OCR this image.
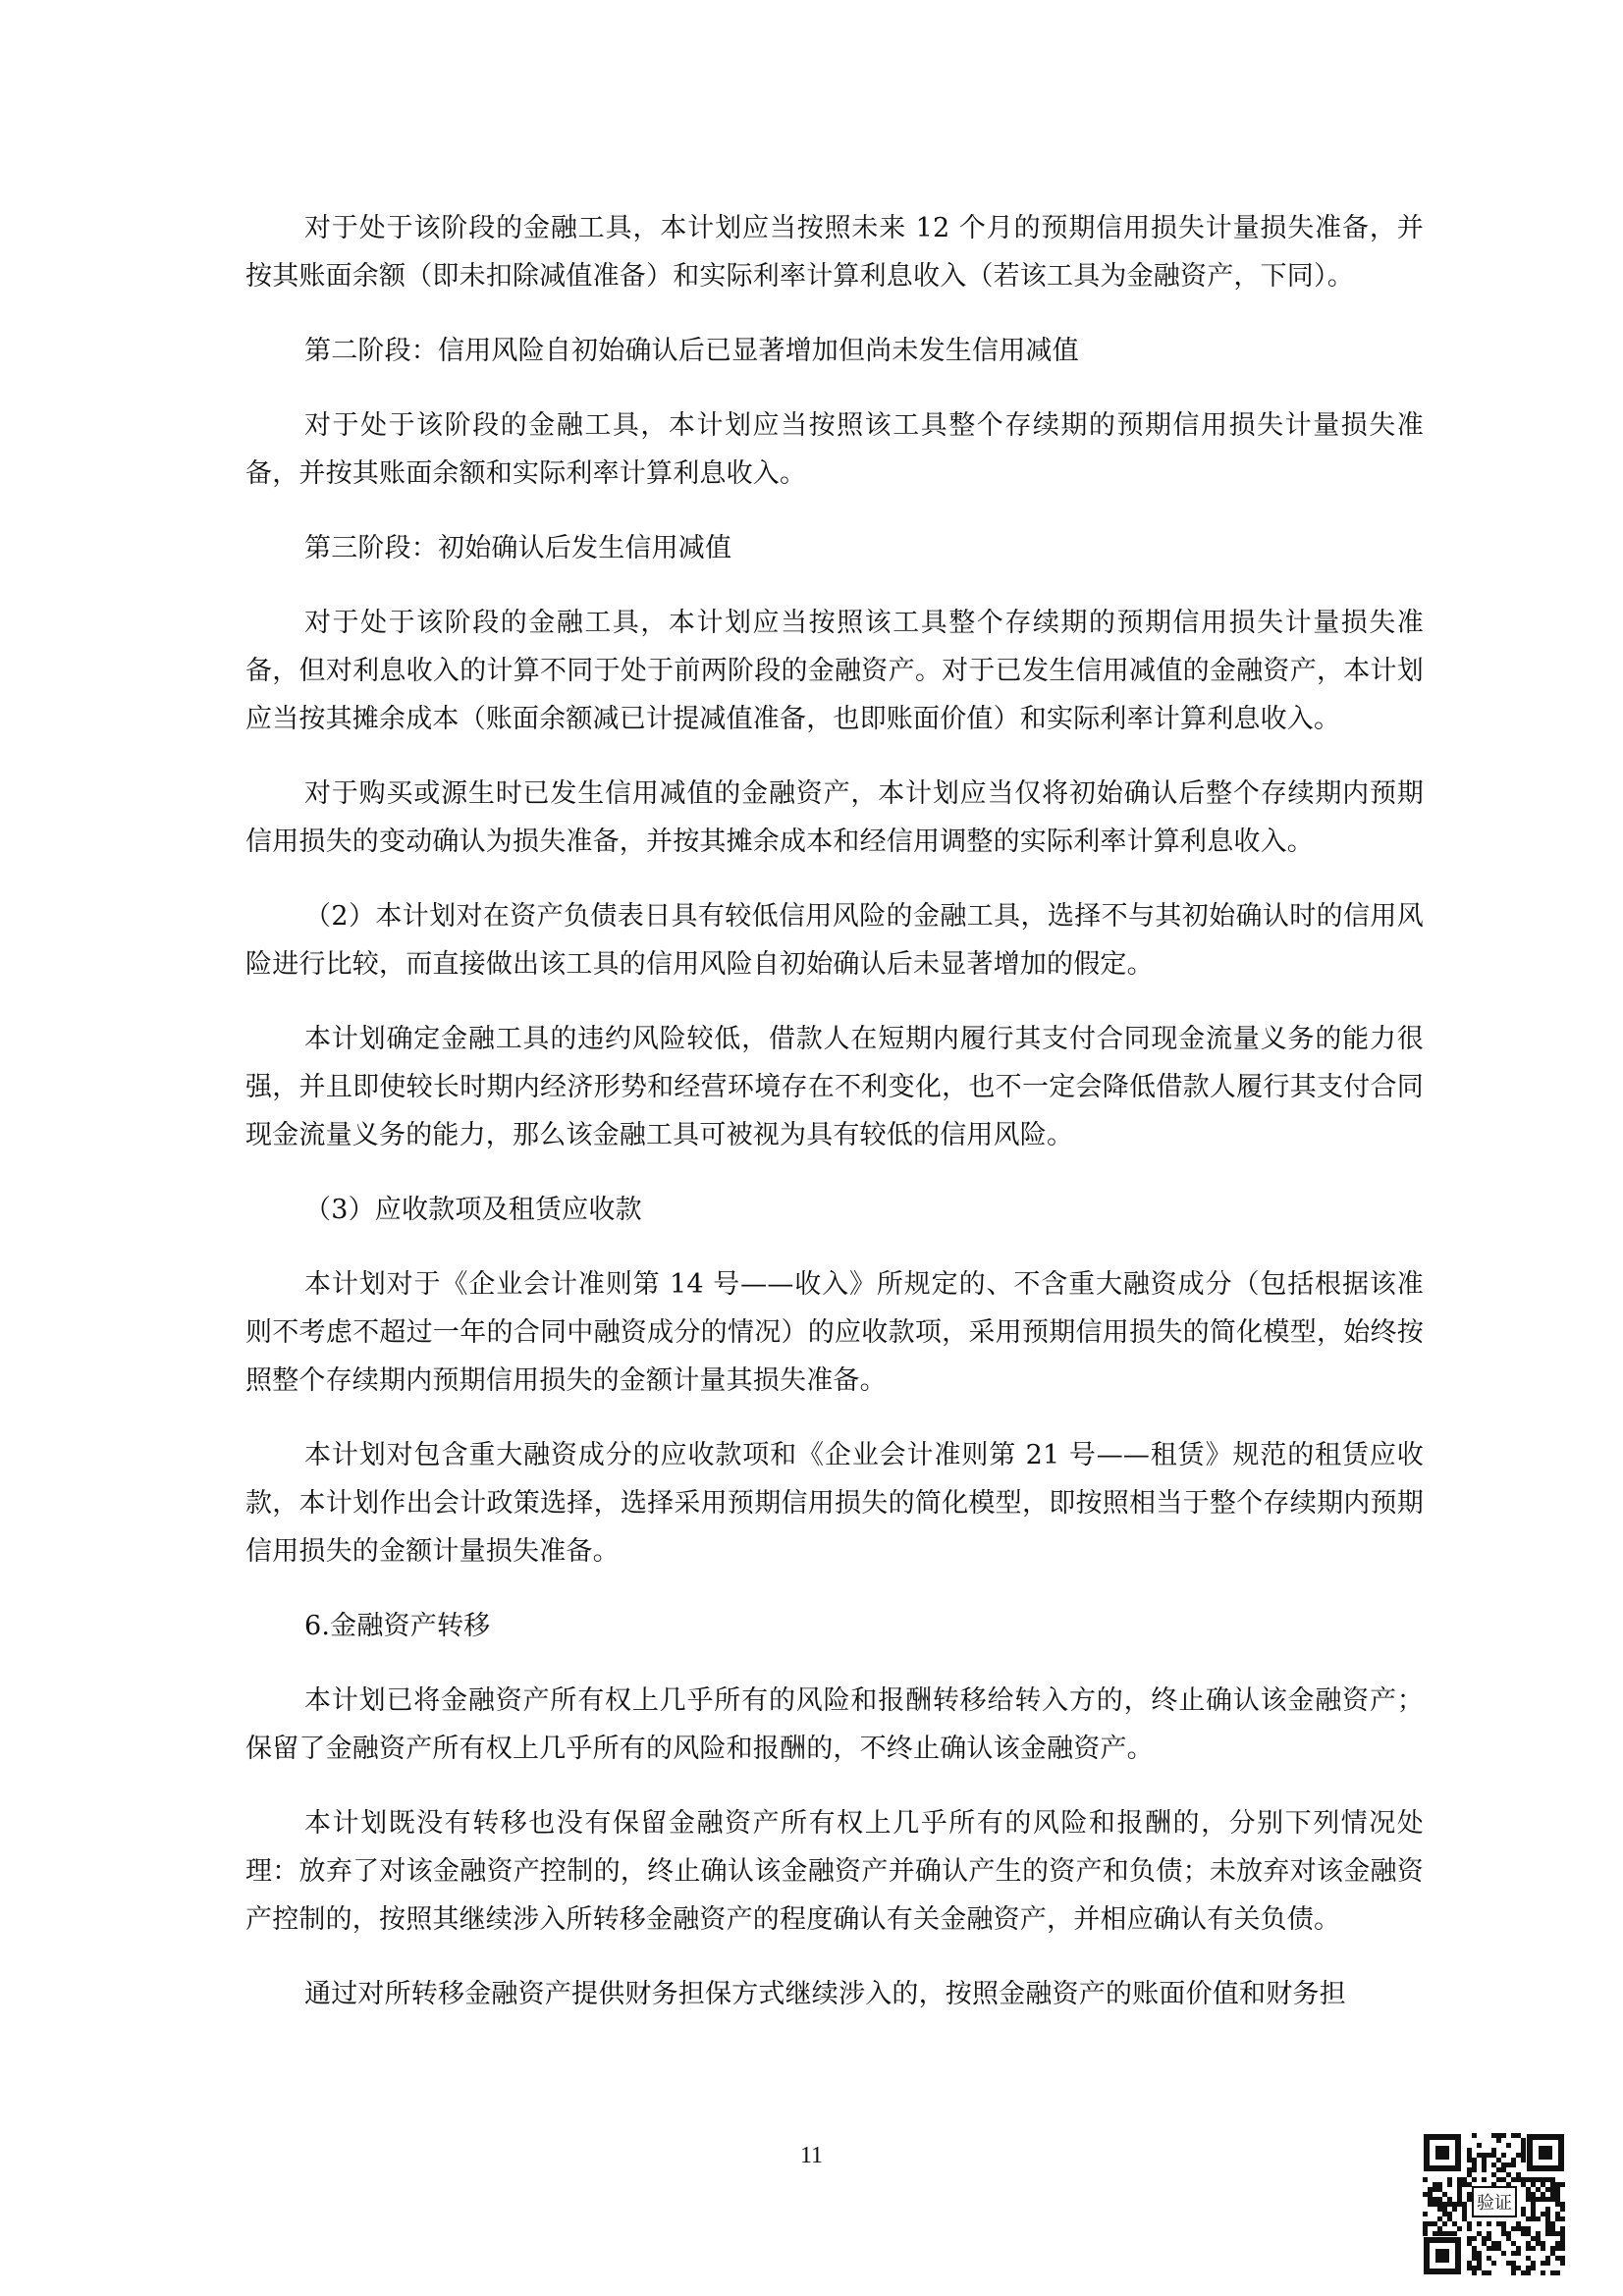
对于处于该阶段的金融工具，本计划应当按照未来 12 个月的预期信用损失计量损失准备，并按其账面余额（即未扣除减值准备）和实际利率计算利息收入（若该工具为金融资产，下同）。

第二阶段：信用风险自初始确认后已显著增加但尚未发生信用减值

对于处于该阶段的金融工具，本计划应当按照该工具整个存续期的预期信用损失计量损失准备，并按其账面余额和实际利率计算利息收入。

第三阶段：初始确认后发生信用减值

对于处于该阶段的金融工具，本计划应当按照该工具整个存续期的预期信用损失计量损失准备，但对利息收入的计算不同于处于前两阶段的金融资产。对于已发生信用减值的金融资产，本计划应当按其摊余成本（账面余额减已计提减值准备，也即账面价值）和实际利率计算利息收入。

对于购买或源生时已发生信用减值的金融资产，本计划应当仅将初始确认后整个存续期内预期信用损失的变动确认为损失准备，并按其摊余成本和经信用调整的实际利率计算利息收入。

（2）本计划对在资产负债表日具有较低信用风险的金融工具，选择不与其初始确认时的信用风险进行比较，而直接做出该工具的信用风险自初始确认后未显著增加的假定。

本计划确定金融工具的违约风险较低，借款人在短期内履行其支付合同现金流量义务的能力很强，并且即使较长时期内经济形势和经营环境存在不利变化，也不一定会降低借款人履行其支付合同现金流量义务的能力，那么该金融工具可被视为具有较低的信用风险。

（3）应收款项及租赁应收款

本计划对于《企业会计准则第 14 号——收入》所规定的、不含重大融资成分（包括根据该准则不考虑不超过一年的合同中融资成分的情况）的应收款项，采用预期信用损失的简化模型，始终按照整个存续期内预期信用损失的金额计量其损失准备。

本计划对包含重大融资成分的应收款项和《企业会计准则第 21 号——租赁》规范的租赁应收款，本计划作出会计政策选择，选择采用预期信用损失的简化模型，即按照相当于整个存续期内预期信用损失的金额计量损失准备。

6.金融资产转移

本计划已将金融资产所有权上几乎所有的风险和报酬转移给转入方的，终止确认该金融资产；保留了金融资产所有权上几乎所有的风险和报酬的，不终止确认该金融资产。

本计划既没有转移也没有保留金融资产所有权上几乎所有的风险和报酬的，分别下列情况处理：放弃了对该金融资产控制的，终止确认该金融资产并确认产生的资产和负债；未放弃对该金融资产控制的，按照其继续涉入所转移金融资产的程度确认有关金融资产，并相应确认有关负债。

通过对所转移金融资产提供财务担保方式继续涉入的，按照金融资产的账面价值和财务担

11
验证
